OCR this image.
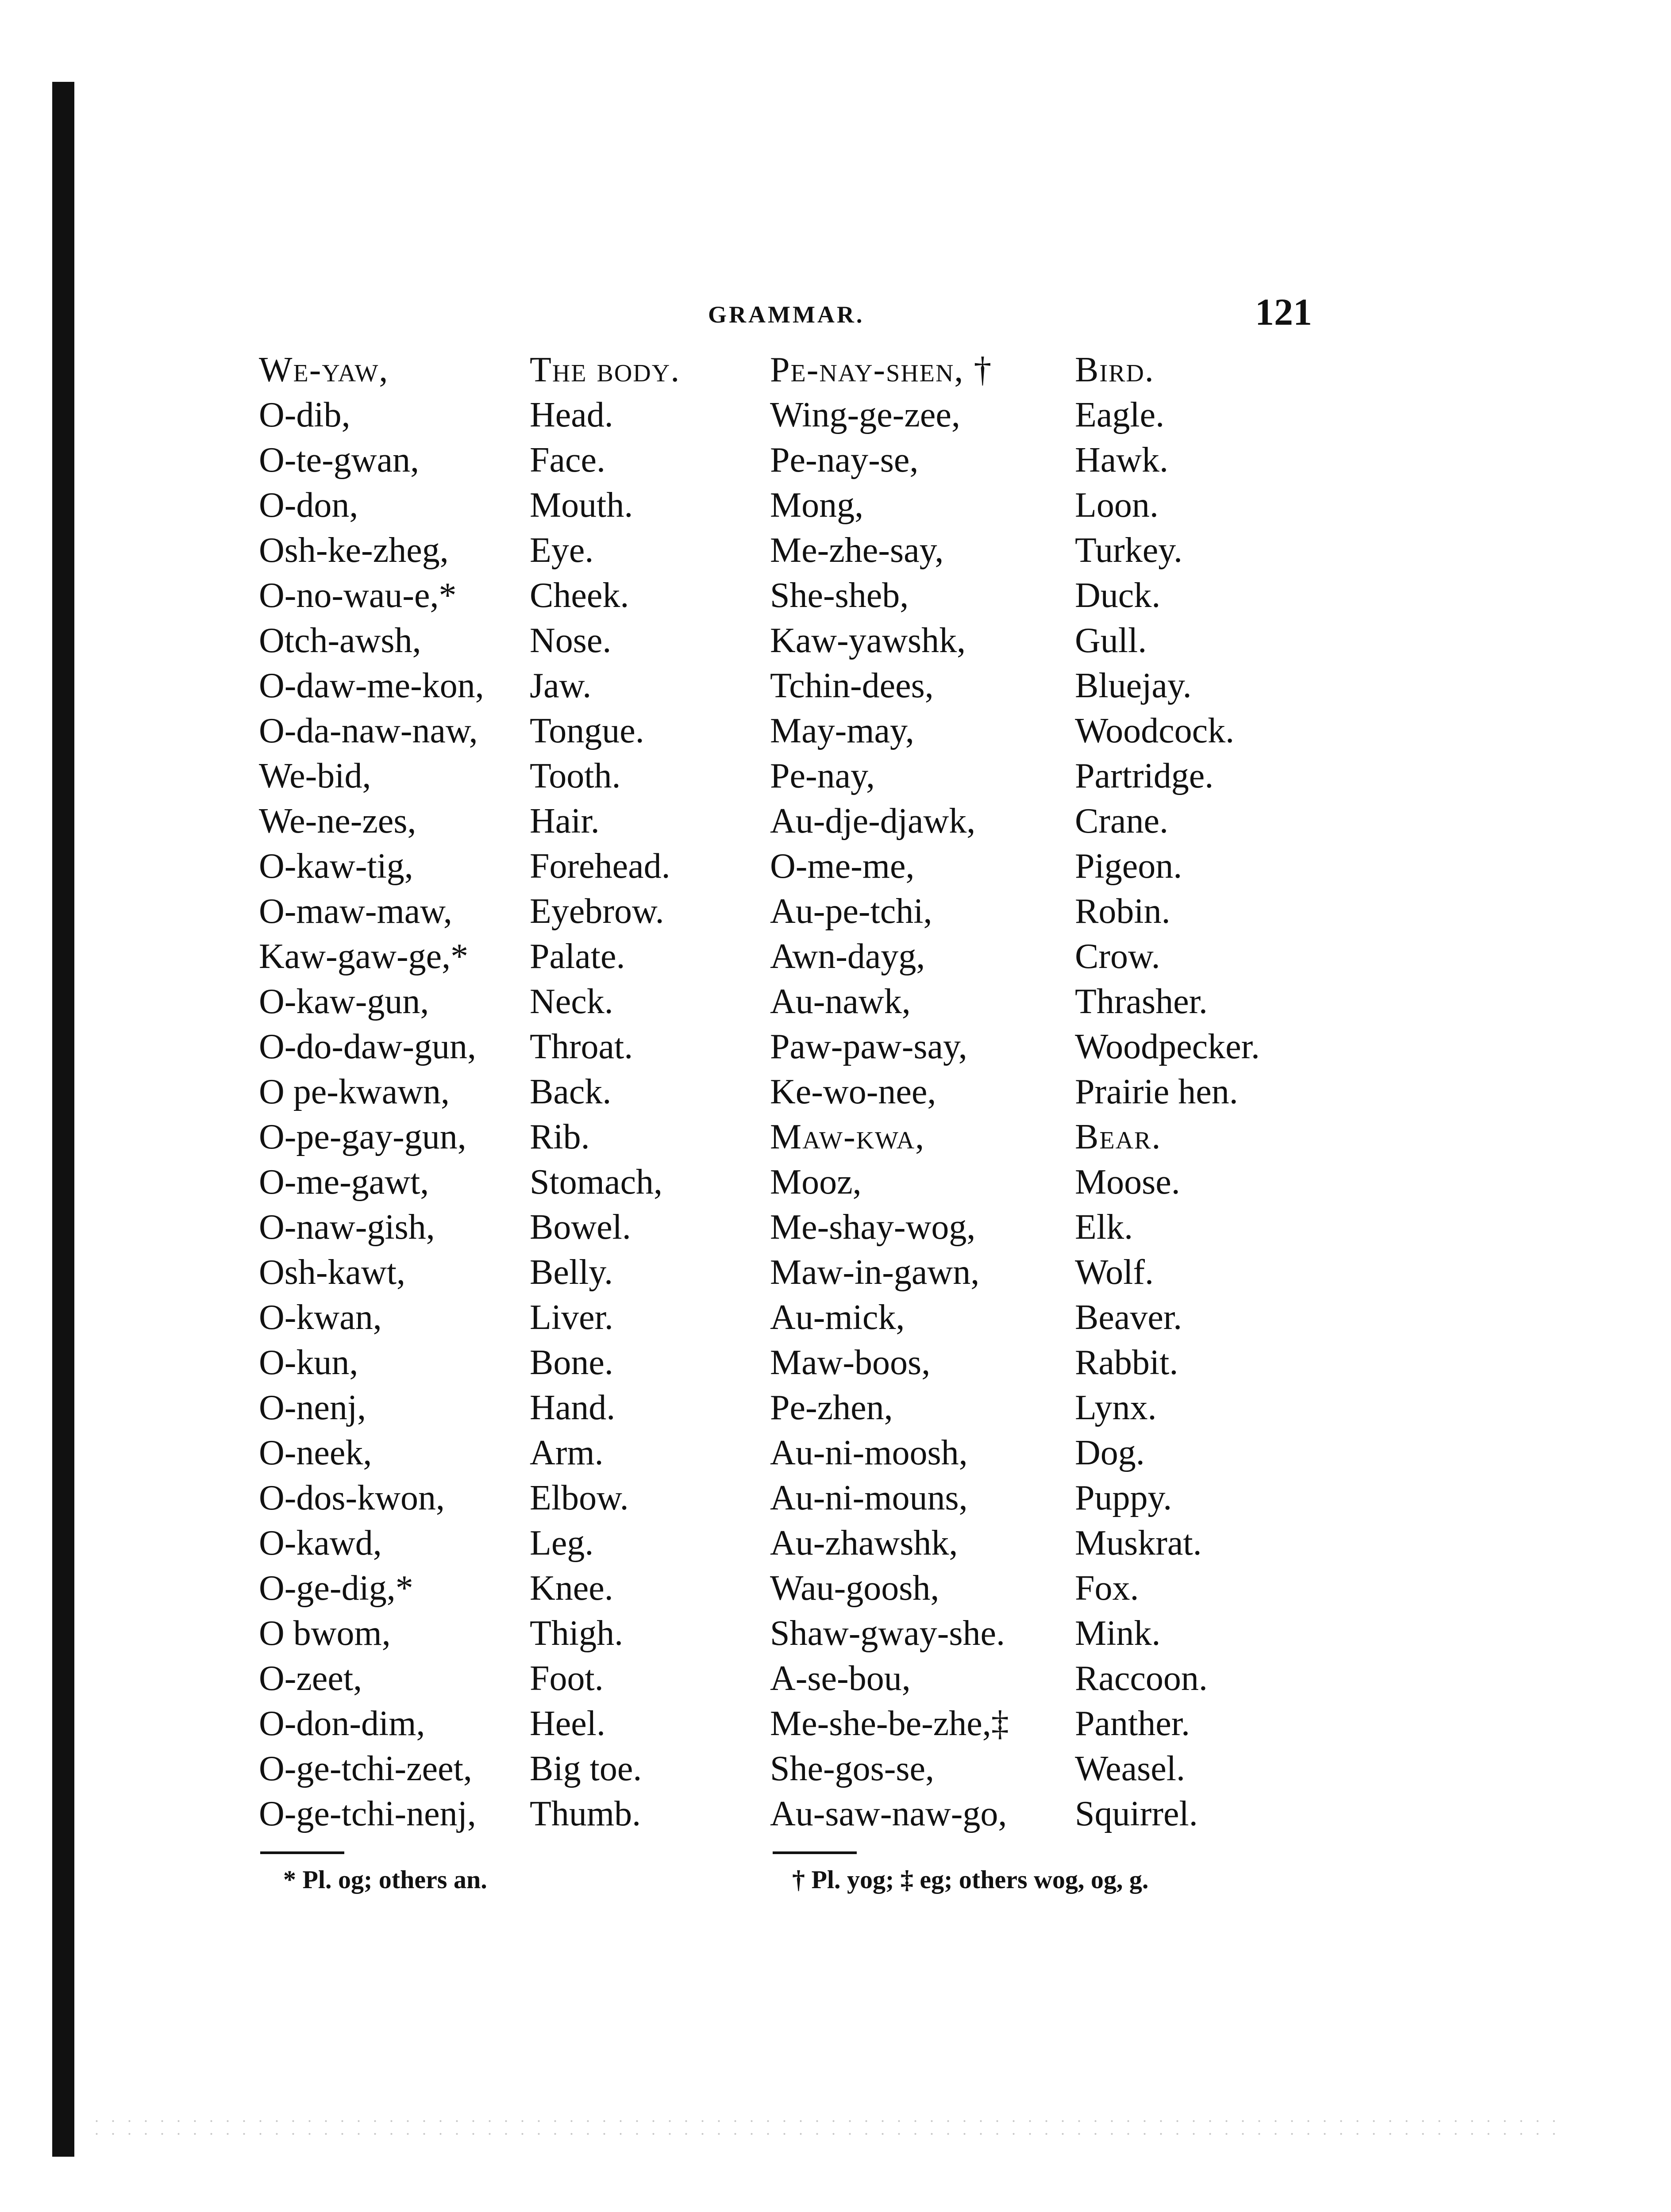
GRAMMAR.	121
We-yaw,	The body.	Pe-nay-shen, †	Bird.
O-dib,	Head.	Wing-ge-zee,	Eagle.
O-te-gwan,	Face.	Pe-nay-se,	Hawk.
O-don,	Mouth.	Mong,	Loon.
Osh-ke-zheg,	Eye.	Me-zhe-say,	Turkey.
O-no-wau-e,*	Cheek.	She-sheb,	Duck.
Otch-awsh,	Nose.	Kaw-yawshk,	Gull.
O-daw-me-kon,	Jaw.	Tchin-dees,	Bluejay.
O-da-naw-naw,	Tongue.	May-may,	Woodcock.
We-bid,	Tooth.	Pe-nay,	Partridge.
We-ne-zes,	Hair.	Au-dje-djawk,	Crane.
O-kaw-tig,	Forehead.	O-me-me,	Pigeon.
O-maw-maw,	Eyebrow.	Au-pe-tchi,	Robin.
Kaw-gaw-ge,*	Palate.	Awn-dayg,	Crow.
O-kaw-gun,	Neck.	Au-nawk,	Thrasher.
O-do-daw-gun,	Throat.	Paw-paw-say,	Woodpecker.
O pe-kwawn,	Back.	Ke-wo-nee,	Prairie hen.
O-pe-gay-gun,	Rib.	Maw-kwa,	Bear.
O-me-gawt,	Stomach,	Mooz,	Moose.
O-naw-gish,	Bowel.	Me-shay-wog,	Elk.
Osh-kawt,	Belly.	Maw-in-gawn,	Wolf.
O-kwan,	Liver.	Au-mick,	Beaver.
O-kun,	Bone.	Maw-boos,	Rabbit.
O-nenj,	Hand.	Pe-zhen,	Lynx.
O-neek,	Arm.	Au-ni-moosh,	Dog.
O-dos-kwon,	Elbow.	Au-ni-mouns,	Puppy.
O-kawd,	Leg.	Au-zhawshk,	Muskrat.
O-ge-dig,*	Knee.	Wau-goosh,	Fox.
O bwom,	Thigh.	Shaw-gway-she.	Mink.
O-zeet,	Foot.	A-se-bou,	Raccoon.
O-don-dim,	Heel.	Me-she-be-zhe,‡	Panther.
O-ge-tchi-zeet,	Big toe.	She-gos-se,	Weasel.
O-ge-tchi-nenj,	Thumb.	Au-saw-naw-go,	Squirrel.
* Pl. og; others an.	† Pl. yog; ‡ eg; others wog, og, g.
